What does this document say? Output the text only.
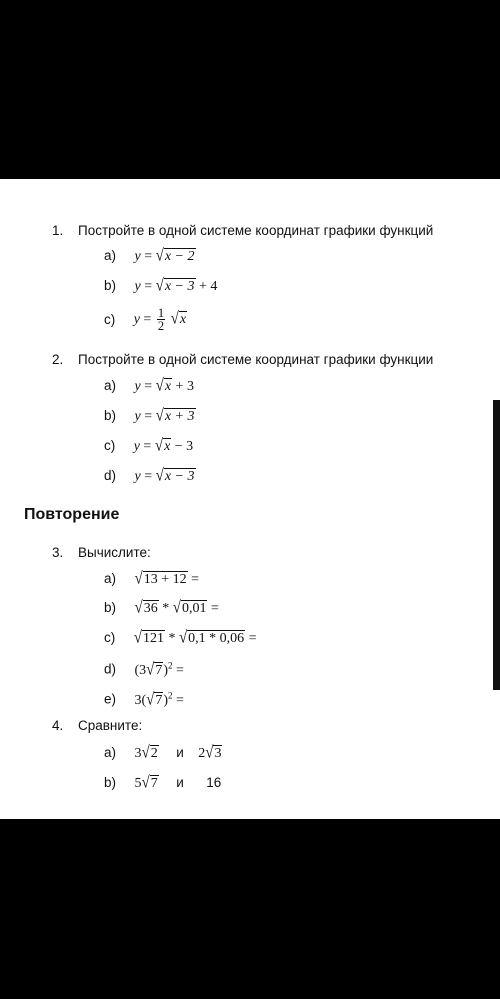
1. Постройте в одной системе координат графики функций
a) y = √x − 2
b) y = √x − 3 + 4
c) $y = \frac{1}{2} √x$
2. Постройте в одной системе координат графики функции
a) y = √x + 3
b) y = √x + 3
c) y = √x − 3
d) y = √x − 3
Повторение
3. Вычислите:
a) √13 + 12 =
b) √36 * √0,01 =
c) √121 * √0,1 * 0,06 =
d) $(3√7)^2$ =
e) $3(√7)^2$ =
4. Сравните:
a) 3√2 и 2√3
b) 5√7 и 16
